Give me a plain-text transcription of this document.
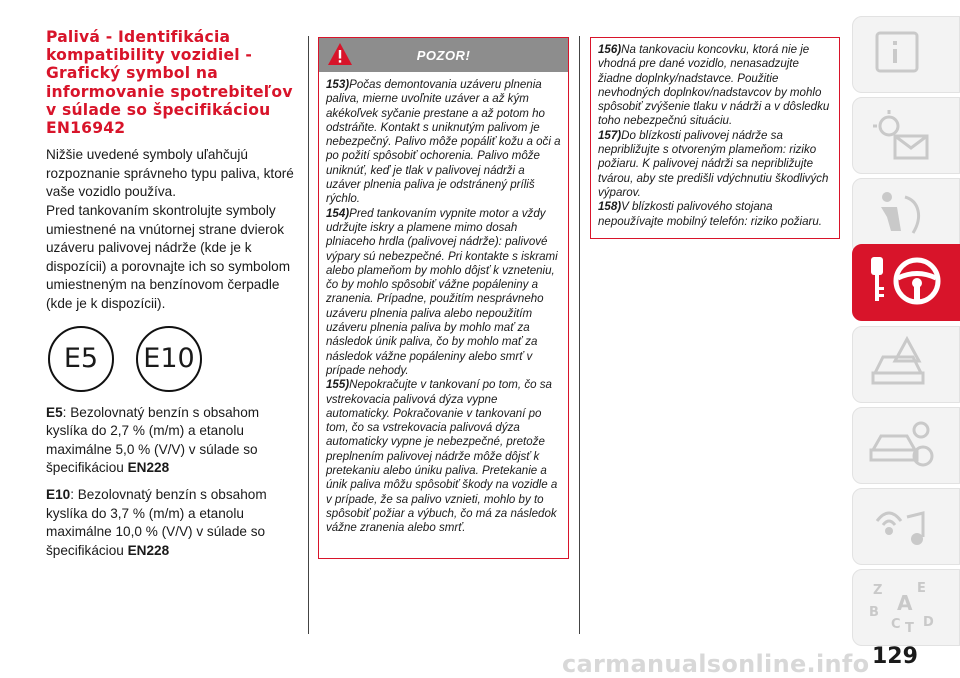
Palivá - Identifikácia kompatibility vozidiel - Grafický symbol na informovanie spotrebiteľov v súlade so špecifikáciou EN16942

Nižšie uvedené symboly uľahčujú rozpoznanie správneho typu paliva, ktoré vaše vozidlo používa.
Pred tankovaním skontrolujte symboly umiestnené na vnútornej strane dvierok uzáveru palivovej nádrže (kde je k dispozícii) a porovnajte ich so symbolom umiestneným na benzínovom čerpadle (kde je k dispozícii).

E5	E10

E5: Bezolovnatý benzín s obsahom kyslíka do 2,7 % (m/m) a etanolu maximálne 5,0 % (V/V) v súlade so špecifikáciou EN228

E10: Bezolovnatý benzín s obsahom kyslíka do 3,7 % (m/m) a etanolu maximálne 10,0 % (V/V) v súlade so špecifikáciou EN228

POZOR!

153)Počas demontovania uzáveru plnenia paliva, mierne uvoľnite uzáver a až kým akékoľvek syčanie prestane a až potom ho odstráňte. Kontakt s uniknutým palivom je nebezpečný. Palivo môže popáliť kožu a oči a po požití spôsobiť ochorenia. Palivo môže uniknúť, keď je tlak v palivovej nádrži a uzáver plnenia paliva je odstránený príliš rýchlo.

154)Pred tankovaním vypnite motor a vždy udržujte iskry a plamene mimo dosah plniaceho hrdla (palivovej nádrže): palivové výpary sú nebezpečné. Pri kontakte s iskrami alebo plameňom by mohlo dôjsť k vzneteniu, čo by mohlo spôsobiť vážne popáleniny a zranenia. Prípadne, použitím nesprávneho uzáveru plnenia paliva alebo nepoužitím uzáveru plnenia paliva by mohlo mať za následok únik paliva, čo by mohlo mať za následok vážne popáleniny alebo smrť v prípade nehody.

155)Nepokračujte v tankovaní po tom, čo sa vstrekovacia palivová dýza vypne automaticky. Pokračovanie v tankovaní po tom, čo sa vstrekovacia palivová dýza automaticky vypne je nebezpečné, pretože preplnením palivovej nádrže môže dôjsť k pretekaniu alebo úniku paliva. Pretekanie a únik paliva môžu spôsobiť škody na vozidle a v prípade, že sa palivo vznieti, mohlo by to spôsobiť požiar a výbuch, čo má za následok vážne zranenia alebo smrť.

156)Na tankovaciu koncovku, ktorá nie je vhodná pre dané vozidlo, nenasadzujte žiadne doplnky/nadstavce. Použitie nevhodných doplnkov/nadstavcov by mohlo spôsobiť zvýšenie tlaku v nádrži a v dôsledku toho nebezpečnú situáciu.

157)Do blízkosti palivovej nádrže sa nepribližujte s otvoreným plameňom: riziko požiaru. K palivovej nádrži sa nepribližujte tvárou, aby ste predišli vdýchnutiu škodlivých výparov.

158)V blízkosti palivového stojana nepoužívajte mobilný telefón: riziko požiaru.

Z	E
A
B
C T D
carmanualsonline.info 129
